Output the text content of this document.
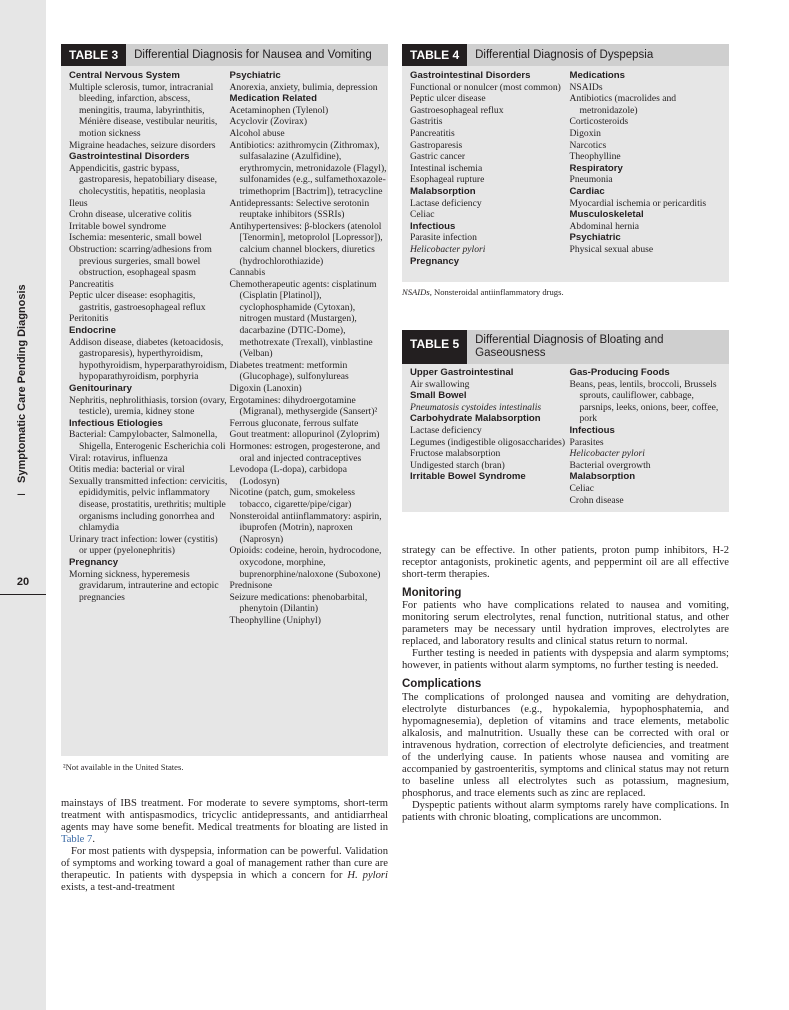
I
Symptomatic Care Pending Diagnosis
20
TABLE 3	Differential Diagnosis for Nausea and Vomiting
Central Nervous System
Multiple sclerosis, tumor, intracranial bleeding, infarction, abscess, meningitis, trauma, labyrinthitis, Ménière disease, vestibular neuritis, motion sickness
Migraine headaches, seizure disorders
Gastrointestinal Disorders
Appendicitis, gastric bypass, gastroparesis, hepatobiliary disease, cholecystitis, hepatitis, neoplasia
Ileus
Crohn disease, ulcerative colitis
Irritable bowel syndrome
Ischemia: mesenteric, small bowel
Obstruction: scarring/adhesions from previous surgeries, small bowel obstruction, esophageal spasm
Pancreatitis
Peptic ulcer disease: esophagitis, gastritis, gastroesophageal reflux
Peritonitis
Endocrine
Addison disease, diabetes (ketoacidosis, gastroparesis), hyperthyroidism, hypothyroidism, hyperparathyroidism, hypoparathyroidism, porphyria
Genitourinary
Nephritis, nephrolithiasis, torsion (ovary, testicle), uremia, kidney stone
Infectious Etiologies
Bacterial: Campylobacter, Salmonella, Shigella, Enterogenic Escherichia coli
Viral: rotavirus, influenza
Otitis media: bacterial or viral
Sexually transmitted infection: cervicitis, epididymitis, pelvic inflammatory disease, prostatitis, urethritis; multiple organisms including gonorrhea and chlamydia
Urinary tract infection: lower (cystitis) or upper (pyelonephritis)
Pregnancy
Morning sickness, hyperemesis gravidarum, intrauterine and ectopic pregnancies
Psychiatric
Anorexia, anxiety, bulimia, depression
Medication Related
Acetaminophen (Tylenol)
Acyclovir (Zovirax)
Alcohol abuse
Antibiotics: azithromycin (Zithromax), sulfasalazine (Azulfidine), erythromycin, metronidazole (Flagyl), sulfonamides (e.g., sulfamethoxazole-trimethoprim [Bactrim]), tetracycline
Antidepressants: Selective serotonin reuptake inhibitors (SSRIs)
Antihypertensives: β-blockers (atenolol [Tenormin], metoprolol [Lopressor]), calcium channel blockers, diuretics (hydrochlorothiazide)
Cannabis
Chemotherapeutic agents: cisplatinum (Cisplatin [Platinol]), cyclophosphamide (Cytoxan), nitrogen mustard (Mustargen), dacarbazine (DTIC-Dome), methotrexate (Trexall), vinblastine (Velban)
Diabetes treatment: metformin (Glucophage), sulfonylureas
Digoxin (Lanoxin)
Ergotamines: dihydroergotamine (Migranal), methysergide (Sansert)²
Ferrous gluconate, ferrous sulfate
Gout treatment: allopurinol (Zyloprim)
Hormones: estrogen, progesterone, and oral and injected contraceptives
Levodopa (L-dopa), carbidopa (Lodosyn)
Nicotine (patch, gum, smokeless tobacco, cigarette/pipe/cigar)
Nonsteroidal antiinflammatory: aspirin, ibuprofen (Motrin), naproxen (Naprosyn)
Opioids: codeine, heroin, hydrocodone, oxycodone, morphine, buprenorphine/naloxone (Suboxone)
Prednisone
Seizure medications: phenobarbital, phenytoin (Dilantin)
Theophylline (Uniphyl)
²Not available in the United States.
TABLE 4	Differential Diagnosis of Dyspepsia
Gastrointestinal Disorders
Functional or nonulcer (most common)
Peptic ulcer disease
Gastroesophageal reflux
Gastritis
Pancreatitis
Gastroparesis
Gastric cancer
Intestinal ischemia
Esophageal rupture
Malabsorption
Lactase deficiency
Celiac
Infectious
Parasite infection
Helicobacter pylori
Pregnancy
Medications
NSAIDs
Antibiotics (macrolides and metronidazole)
Corticosteroids
Digoxin
Narcotics
Theophylline
Respiratory
Pneumonia
Cardiac
Myocardial ischemia or pericarditis
Musculoskeletal
Abdominal hernia
Psychiatric
Physical sexual abuse
NSAIDs, Nonsteroidal antiinflammatory drugs.
TABLE 5	Differential Diagnosis of Bloating and Gaseousness
Upper Gastrointestinal
Air swallowing
Small Bowel
Pneumatosis cystoides intestinalis
Carbohydrate Malabsorption
Lactase deficiency
Legumes (indigestible oligosaccharides)
Fructose malabsorption
Undigested starch (bran)
Irritable Bowel Syndrome
Gas-Producing Foods
Beans, peas, lentils, broccoli, Brussels sprouts, cauliflower, cabbage, parsnips, leeks, onions, beer, coffee, pork
Infectious
Parasites
Helicobacter pylori
Bacterial overgrowth
Malabsorption
Celiac
Crohn disease

mainstays of IBS treatment. For moderate to severe symptoms, short-term treatment with antispasmodics, tricyclic antidepressants, and antidiarrheal agents may have some benefit. Medical treatments for bloating are listed in Table 7.

For most patients with dyspepsia, information can be powerful. Validation of symptoms and working toward a goal of management rather than cure are therapeutic. In patients with dyspepsia in which a concern for H. pylori exists, a test-and-treatment

strategy can be effective. In other patients, proton pump inhibitors, H-2 receptor antagonists, prokinetic agents, and peppermint oil are all effective short-term therapies.

Monitoring

For patients who have complications related to nausea and vomiting, monitoring serum electrolytes, renal function, nutritional status, and other parameters may be necessary until hydration improves, electrolytes are replaced, and laboratory results and clinical status return to normal.

Further testing is needed in patients with dyspepsia and alarm symptoms; however, in patients without alarm symptoms, no further testing is needed.

Complications

The complications of prolonged nausea and vomiting are dehydration, electrolyte disturbances (e.g., hypokalemia, hypophosphatemia, and hypomagnesemia), depletion of vitamins and trace elements, metabolic alkalosis, and malnutrition. Usually these can be corrected with oral or intravenous hydration, correction of electrolyte deficiencies, and treatment of the underlying cause. In patients whose nausea and vomiting are accompanied by gastroenteritis, symptoms and clinical status may not return to baseline unless all electrolytes such as potassium, magnesium, phosphorus, and trace elements such as zinc are replaced.

Dyspeptic patients without alarm symptoms rarely have complications. In patients with chronic bloating, complications are uncommon.
